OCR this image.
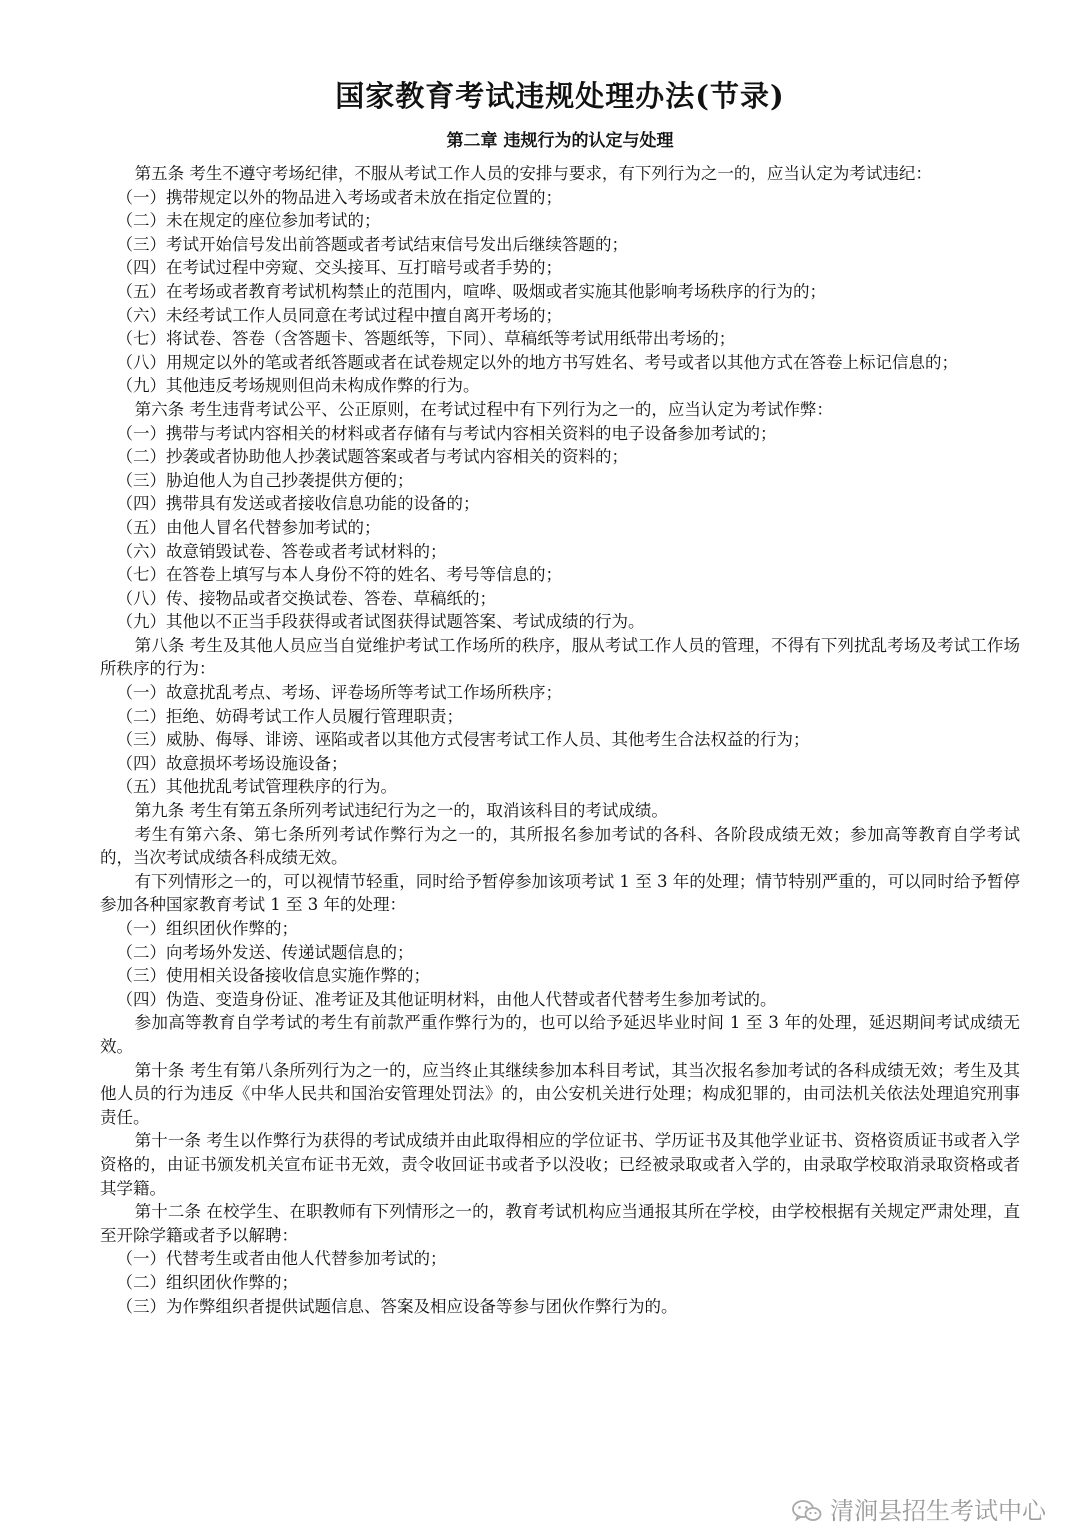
国家教育考试违规处理办法(节录)
第二章 违规行为的认定与处理

第五条 考生不遵守考场纪律，不服从考试工作人员的安排与要求，有下列行为之一的，应当认定为考试违纪：

（一）携带规定以外的物品进入考场或者未放在指定位置的；

（二）未在规定的座位参加考试的；

（三）考试开始信号发出前答题或者考试结束信号发出后继续答题的；

（四）在考试过程中旁窥、交头接耳、互打暗号或者手势的；

（五）在考场或者教育考试机构禁止的范围内，喧哗、吸烟或者实施其他影响考场秩序的行为的；

（六）未经考试工作人员同意在考试过程中擅自离开考场的；

（七）将试卷、答卷（含答题卡、答题纸等，下同）、草稿纸等考试用纸带出考场的；

（八）用规定以外的笔或者纸答题或者在试卷规定以外的地方书写姓名、考号或者以其他方式在答卷上标记信息的；

（九）其他违反考场规则但尚未构成作弊的行为。

第六条 考生违背考试公平、公正原则，在考试过程中有下列行为之一的，应当认定为考试作弊：

（一）携带与考试内容相关的材料或者存储有与考试内容相关资料的电子设备参加考试的；

（二）抄袭或者协助他人抄袭试题答案或者与考试内容相关的资料的；

（三）胁迫他人为自己抄袭提供方便的；

（四）携带具有发送或者接收信息功能的设备的；

（五）由他人冒名代替参加考试的；

（六）故意销毁试卷、答卷或者考试材料的；

（七）在答卷上填写与本人身份不符的姓名、考号等信息的；

（八）传、接物品或者交换试卷、答卷、草稿纸的；

（九）其他以不正当手段获得或者试图获得试题答案、考试成绩的行为。

第八条 考生及其他人员应当自觉维护考试工作场所的秩序，服从考试工作人员的管理，不得有下列扰乱考场及考试工作场所秩序的行为：

（一）故意扰乱考点、考场、评卷场所等考试工作场所秩序；

（二）拒绝、妨碍考试工作人员履行管理职责；

（三）威胁、侮辱、诽谤、诬陷或者以其他方式侵害考试工作人员、其他考生合法权益的行为；

（四）故意损坏考场设施设备；

（五）其他扰乱考试管理秩序的行为。

第九条 考生有第五条所列考试违纪行为之一的，取消该科目的考试成绩。

考生有第六条、第七条所列考试作弊行为之一的，其所报名参加考试的各科、各阶段成绩无效；参加高等教育自学考试的，当次考试成绩各科成绩无效。

有下列情形之一的，可以视情节轻重，同时给予暂停参加该项考试 1 至 3 年的处理；情节特别严重的，可以同时给予暂停参加各种国家教育考试 1 至 3 年的处理：

（一）组织团伙作弊的；

（二）向考场外发送、传递试题信息的；

（三）使用相关设备接收信息实施作弊的；

（四）伪造、变造身份证、准考证及其他证明材料，由他人代替或者代替考生参加考试的。

参加高等教育自学考试的考生有前款严重作弊行为的，也可以给予延迟毕业时间 1 至 3 年的处理，延迟期间考试成绩无效。

第十条 考生有第八条所列行为之一的，应当终止其继续参加本科目考试，其当次报名参加考试的各科成绩无效；考生及其他人员的行为违反《中华人民共和国治安管理处罚法》的，由公安机关进行处理；构成犯罪的，由司法机关依法处理追究刑事责任。

第十一条 考生以作弊行为获得的考试成绩并由此取得相应的学位证书、学历证书及其他学业证书、资格资质证书或者入学资格的，由证书颁发机关宣布证书无效，责令收回证书或者予以没收；已经被录取或者入学的，由录取学校取消录取资格或者其学籍。

第十二条 在校学生、在职教师有下列情形之一的，教育考试机构应当通报其所在学校，由学校根据有关规定严肃处理，直至开除学籍或者予以解聘：

（一）代替考生或者由他人代替参加考试的；

（二）组织团伙作弊的；

（三）为作弊组织者提供试题信息、答案及相应设备等参与团伙作弊行为的。

清涧县招生考试中心
